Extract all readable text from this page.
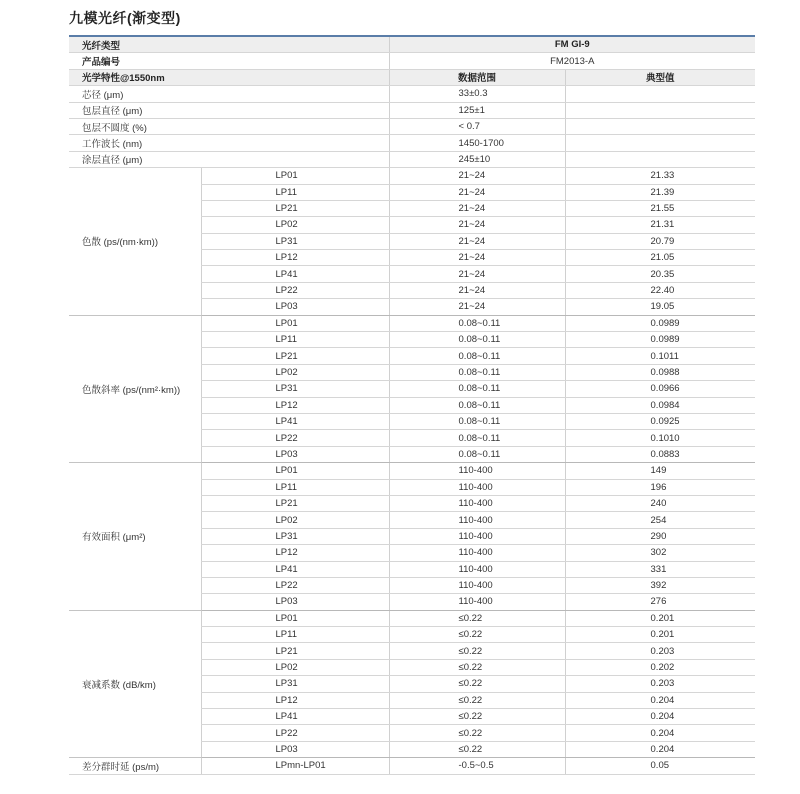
九模光纤(渐变型)
光纤类型		FM GI-9	
产品编号		FM2013-A	
光学特性@1550nm		数据范围	典型值
芯径 (μm)		33±0.3	
包层直径 (μm)		125±1	
包层不圆度 (%)		< 0.7	
工作波长 (nm)		1450-1700	
涂层直径 (μm)		245±10	
色散 (ps/(nm·km))	LP01	21~24	21.33
	LP11	21~24	21.39
	LP21	21~24	21.55
	LP02	21~24	21.31
	LP31	21~24	20.79
	LP12	21~24	21.05
	LP41	21~24	20.35
	LP22	21~24	22.40
	LP03	21~24	19.05
色散斜率 (ps/(nm²·km))	LP01	0.08~0.11	0.0989
	LP11	0.08~0.11	0.0989
	LP21	0.08~0.11	0.1011
	LP02	0.08~0.11	0.0988
	LP31	0.08~0.11	0.0966
	LP12	0.08~0.11	0.0984
	LP41	0.08~0.11	0.0925
	LP22	0.08~0.11	0.1010
	LP03	0.08~0.11	0.0883
有效面积 (μm²)	LP01	110-400	149
	LP11	110-400	196
	LP21	110-400	240
	LP02	110-400	254
	LP31	110-400	290
	LP12	110-400	302
	LP41	110-400	331
	LP22	110-400	392
	LP03	110-400	276
衰减系数 (dB/km)	LP01	≤0.22	0.201
	LP11	≤0.22	0.201
	LP21	≤0.22	0.203
	LP02	≤0.22	0.202
	LP31	≤0.22	0.203
	LP12	≤0.22	0.204
	LP41	≤0.22	0.204
	LP22	≤0.22	0.204
	LP03	≤0.22	0.204
差分群时延 (ps/m)	LPmn-LP01	-0.5~0.5	0.05
